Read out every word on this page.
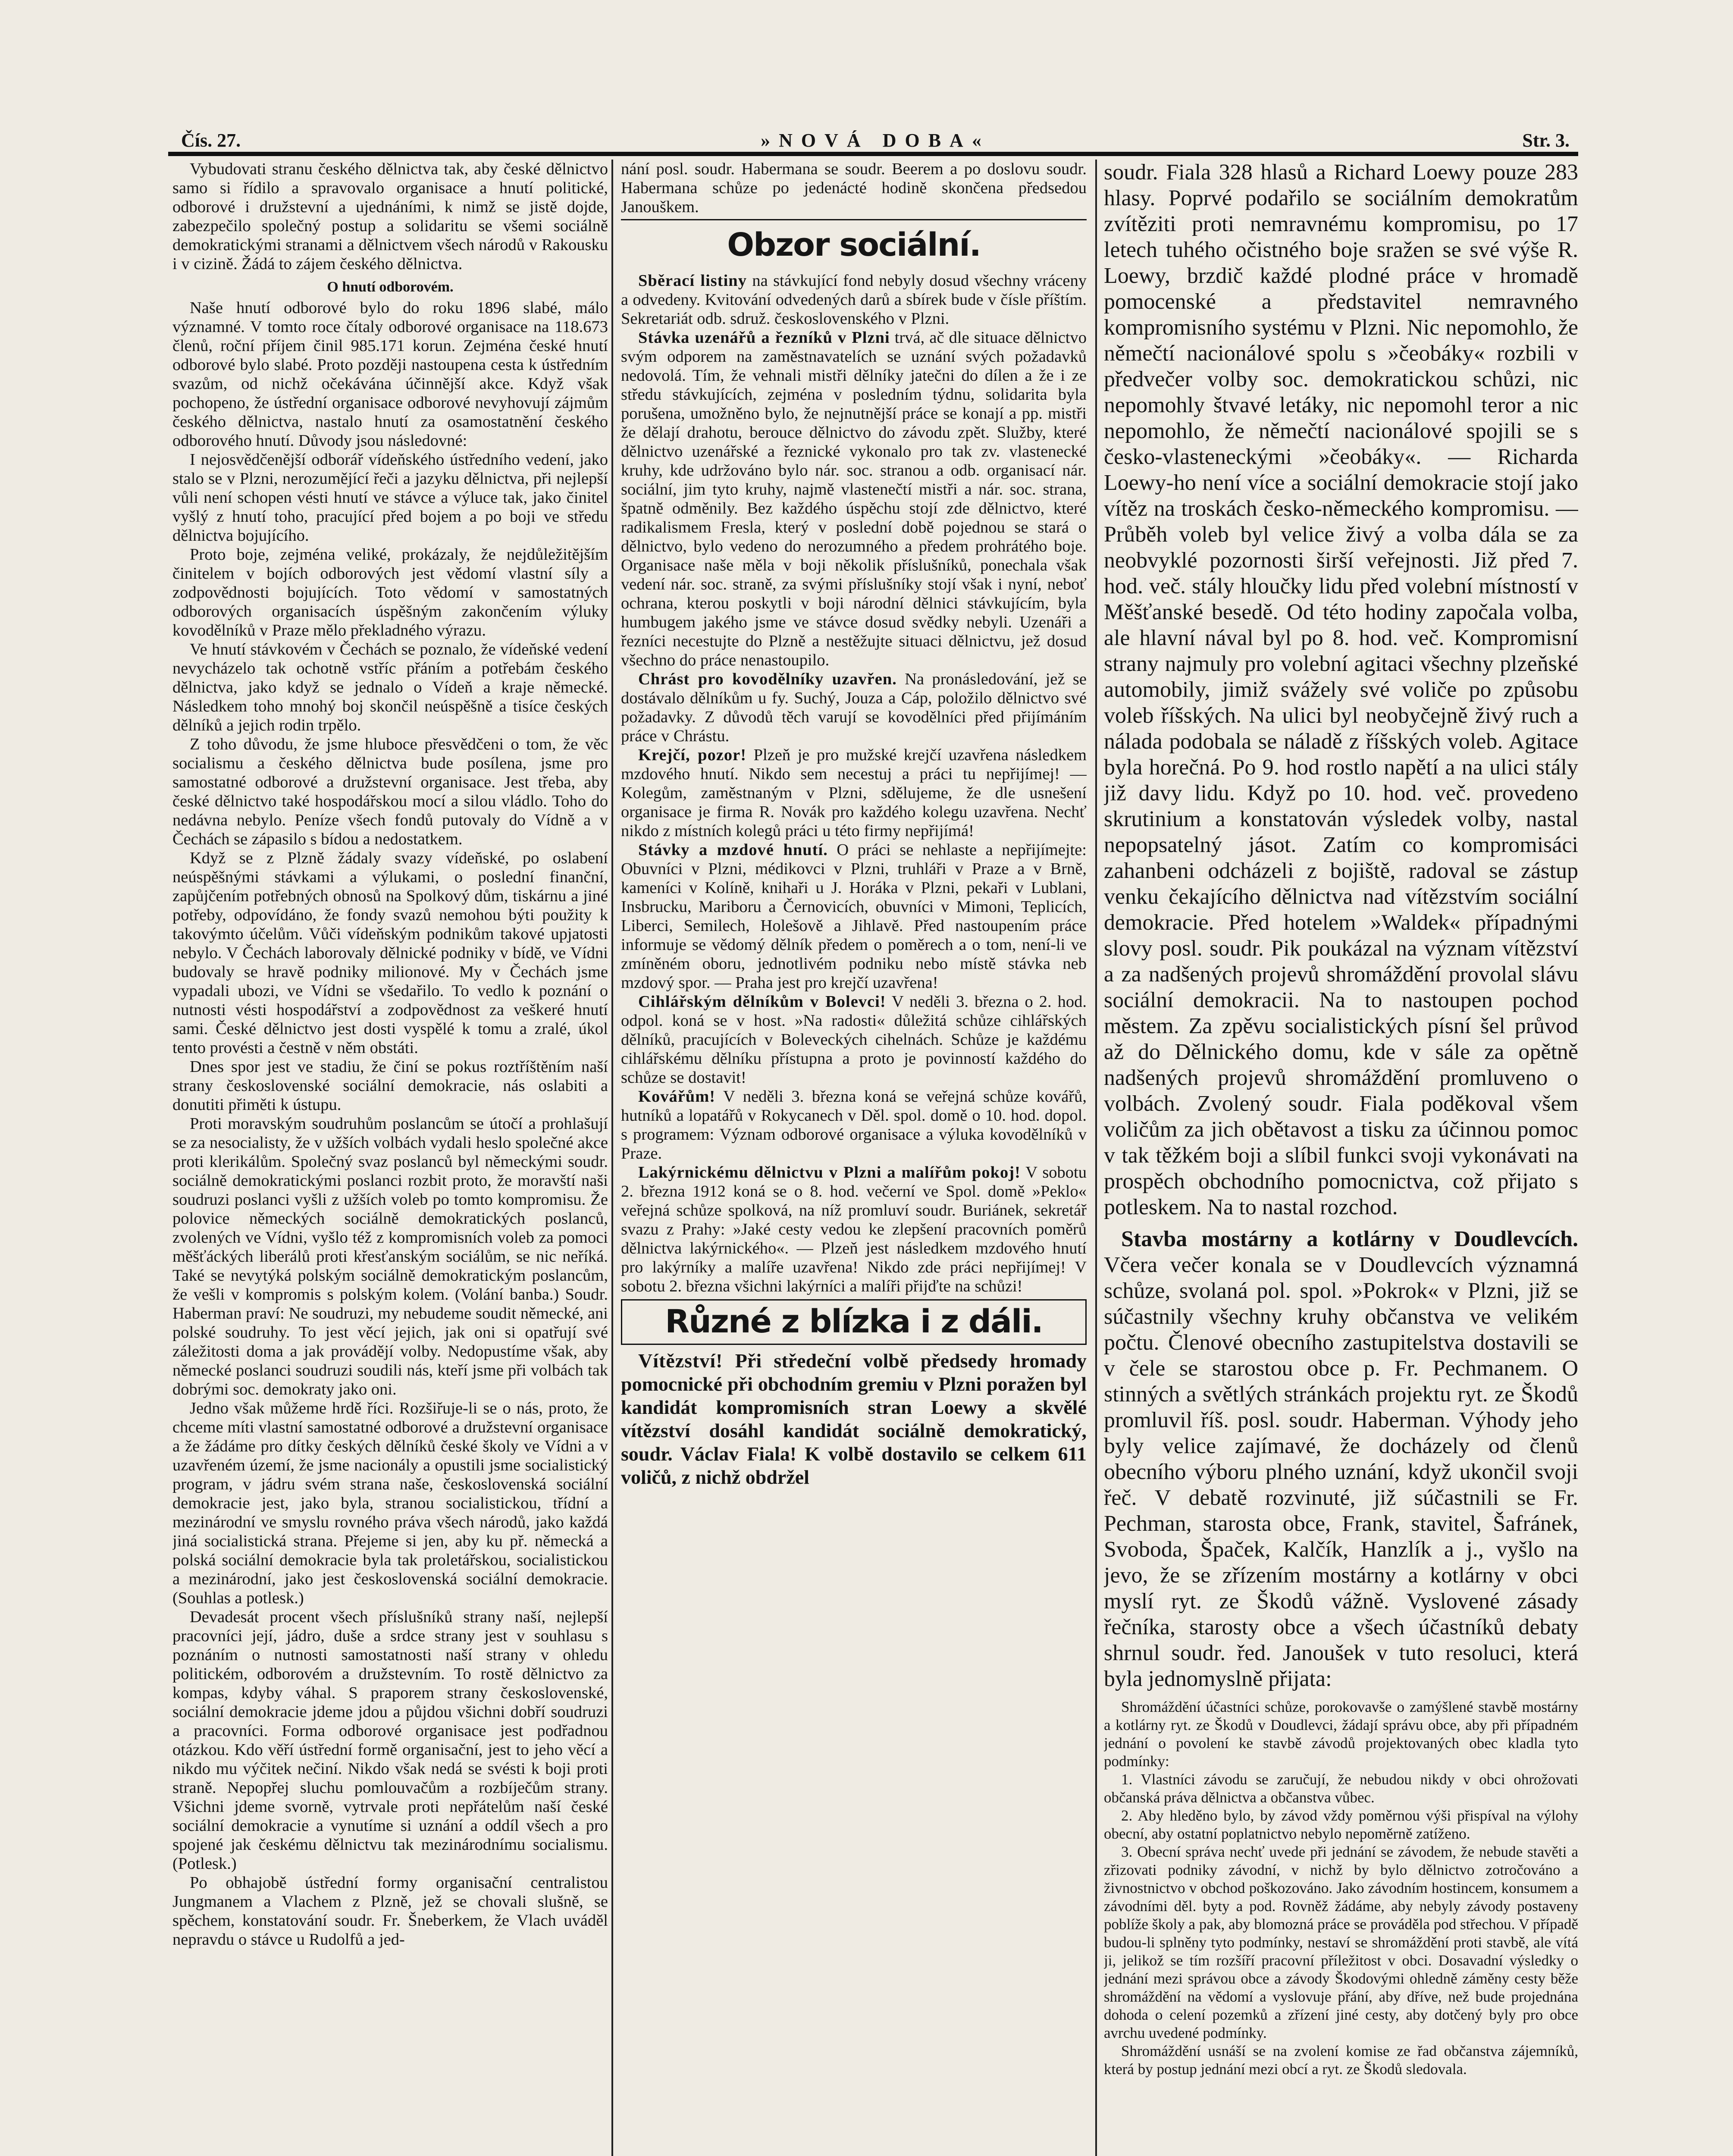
Čís. 27.	»NOVÁ DOBA«	Str. 3.

Vybudovati stranu českého dělnictva tak, aby české dělnictvo samo si řídilo a spravovalo organisace a hnutí politické, odborové i družstevní a ujednáními, k nimž se jistě dojde, zabezpečilo společný postup a solidaritu se všemi sociálně demokratickými stranami a dělnictvem všech národů v Rakousku i v cizině. Žádá to zájem českého dělnictva.

O hnutí odborovém.

Naše hnutí odborové bylo do roku 1896 slabé, málo významné. V tomto roce čítaly odborové organisace na 118.673 členů, roční příjem činil 985.171 korun. Zejména české hnutí odborové bylo slabé. Proto později nastoupena cesta k ústředním svazům, od nichž očekávána účinnější akce. Když však pochopeno, že ústřední organisace odborové nevyhovují zájmům českého dělnictva, nastalo hnutí za osamostatnění českého odborového hnutí. Důvody jsou následovné:

I nejosvědčenější odborář vídeňského ústředního vedení, jako stalo se v Plzni, nerozumějící řeči a jazyku dělnictva, při nejlepší vůli není schopen vésti hnutí ve stávce a výluce tak, jako činitel vyšlý z hnutí toho, pracující před bojem a po boji ve středu dělnictva bojujícího.

Proto boje, zejména veliké, prokázaly, že nejdůležitějším činitelem v bojích odborových jest vědomí vlastní síly a zodpovědnosti bojujících. Toto vědomí v samostatných odborových organisacích úspěšným zakončením výluky kovodělníků v Praze mělo překladného výrazu.

Ve hnutí stávkovém v Čechách se poznalo, že vídeňské vedení nevycházelo tak ochotně vstříc přáním a potřebám českého dělnictva, jako když se jednalo o Vídeň a kraje německé. Následkem toho mnohý boj skončil neúspěšně a tisíce českých dělníků a jejich rodin trpělo.

Z toho důvodu, že jsme hluboce přesvědčeni o tom, že věc socialismu a českého dělnictva bude posílena, jsme pro samostatné odborové a družstevní organisace. Jest třeba, aby české dělnictvo také hospodářskou mocí a silou vládlo. Toho do nedávna nebylo. Peníze všech fondů putovaly do Vídně a v Čechách se zápasilo s bídou a nedostatkem.

Když se z Plzně žádaly svazy vídeňské, po oslabení neúspěšnými stávkami a výlukami, o poslední finanční, zapůjčením potřebných obnosů na Spolkový dům, tiskárnu a jiné potřeby, odpovídáno, že fondy svazů nemohou býti použity k takovýmto účelům. Vůči vídeňským podnikům takové upjatosti nebylo. V Čechách laborovaly dělnické podniky v bídě, ve Vídni budovaly se hravě podniky milionové. My v Čechách jsme vypadali ubozi, ve Vídni se všedařilo. To vedlo k poznání o nutnosti vésti hospodářství a zodpovědnost za veškeré hnutí sami. České dělnictvo jest dosti vyspělé k tomu a zralé, úkol tento provésti a čestně v něm obstáti.

Dnes spor jest ve stadiu, že činí se pokus roztříštěním naší strany československé sociální demokracie, nás oslabiti a donutiti přiměti k ústupu.

Proti moravským soudruhům poslancům se útočí a prohlašují se za nesocialisty, že v užších volbách vydali heslo společné akce proti klerikálům. Společný svaz poslanců byl německými soudr. sociálně demokratickými poslanci rozbit proto, že moravští naši soudruzi poslanci vyšli z užších voleb po tomto kompromisu. Že polovice německých sociálně demokratických poslanců, zvolených ve Vídni, vyšlo též z kompromisních voleb za pomoci měšťáckých liberálů proti křesťanským sociálům, se nic neříká. Také se nevytýká polským sociálně demokratickým poslancům, že vešli v kompromis s polským kolem. (Volání banba.) Soudr. Haberman praví: Ne soudruzi, my nebudeme soudit německé, ani polské soudruhy. To jest věcí jejich, jak oni si opatřují své záležitosti doma a jak provádějí volby. Nedopustíme však, aby německé poslanci soudruzi soudili nás, kteří jsme při volbách tak dobrými soc. demokraty jako oni.

Jedno však můžeme hrdě říci. Rozšiřuje-li se o nás, proto, že chceme míti vlastní samostatné odborové a družstevní organisace a že žádáme pro dítky českých dělníků české školy ve Vídni a v uzavřeném území, že jsme nacionály a opustili jsme socialistický program, v jádru svém strana naše, československá sociální demokracie jest, jako byla, stranou socialistickou, třídní a mezinárodní ve smyslu rovného práva všech národů, jako každá jiná socialistická strana. Přejeme si jen, aby ku př. německá a polská sociální demokracie byla tak proletářskou, socialistickou a mezinárodní, jako jest československá sociální demokracie. (Souhlas a potlesk.)

Devadesát procent všech příslušníků strany naší, nejlepší pracovníci její, jádro, duše a srdce strany jest v souhlasu s poznáním o nutnosti samostatnosti naší strany v ohledu politickém, odborovém a družstevním. To rostě dělnictvo za kompas, kdyby váhal. S praporem strany československé, sociální demokracie jdeme jdou a půjdou všichni dobří soudruzi a pracovníci. Forma odborové organisace jest podřadnou otázkou. Kdo věří ústřední formě organisační, jest to jeho věcí a nikdo mu výčitek nečiní. Nikdo však nedá se svésti k boji proti straně. Nepopřej sluchu pomlouvačům a rozbíječům strany. Všichni jdeme svorně, vytrvale proti nepřátelům naší české sociální demokracie a vynutíme si uznání a oddíl všech a pro spojené jak českému dělnictvu tak mezinárodnímu socialismu. (Potlesk.)

Po obhajobě ústřední formy organisační centralistou Jungmanem a Vlachem z Plzně, jež se chovali slušně, se spěchem, konstatování soudr. Fr. Šneberkem, že Vlach uváděl nepravdu o stávce u Rudolfů a jed-

nání posl. soudr. Habermana se soudr. Beerem a po doslovu soudr. Habermana schůze po jedenácté hodině skončena předsedou Janouškem.

Obzor sociální.

Sběrací listiny na stávkující fond nebyly dosud všechny vráceny a odvedeny. Kvitování odvedených darů a sbírek bude v čísle příštím. Sekretariát odb. sdruž. československého v Plzni.

Stávka uzenářů a řezníků v Plzni trvá, ač dle situace dělnictvo svým odporem na zaměstnavatelích se uznání svých požadavků nedovolá. Tím, že vehnali mistři dělníky jatečni do dílen a že i ze středu stávkujících, zejména v posledním týdnu, solidarita byla porušena, umožněno bylo, že nejnutnější práce se konají a pp. mistři že dělají drahotu, berouce dělnictvo do závodu zpět. Služby, které dělnictvo uzenářské a řeznické vykonalo pro tak zv. vlastenecké kruhy, kde udržováno bylo nár. soc. stranou a odb. organisací nár. sociální, jim tyto kruhy, najmě vlastenečtí mistři a nár. soc. strana, špatně odměnily. Bez každého úspěchu stojí zde dělnictvo, které radikalismem Fresla, který v poslední době pojednou se stará o dělnictvo, bylo vedeno do nerozumného a předem prohrátého boje. Organisace naše měla v boji několik příslušníků, ponechala však vedení nár. soc. straně, za svými příslušníky stojí však i nyní, neboť ochrana, kterou poskytli v boji národní dělnici stávkujícím, byla humbugem jakého jsme ve stávce dosud svědky nebyli. Uzenáři a řezníci necestujte do Plzně a nestěžujte situaci dělnictvu, jež dosud všechno do práce nenastoupilo.

Chrást pro kovodělníky uzavřen. Na pronásledování, jež se dostávalo dělníkům u fy. Suchý, Jouza a Cáp, položilo dělnictvo své požadavky. Z důvodů těch varují se kovodělníci před přijímáním práce v Chrástu.

Krejčí, pozor! Plzeň je pro mužské krejčí uzavřena následkem mzdového hnutí. Nikdo sem necestuj a práci tu nepřijímej! — Kolegům, zaměstnaným v Plzni, sdělujeme, že dle usnešení organisace je firma R. Novák pro každého kolegu uzavřena. Nechť nikdo z místních kolegů práci u této firmy nepřijímá!

Stávky a mzdové hnutí. O práci se nehlaste a nepřijímejte: Obuvníci v Plzni, médikovci v Plzni, truhláři v Praze a v Brně, kameníci v Kolíně, knihaři u J. Horáka v Plzni, pekaři v Lublani, Insbrucku, Mariboru a Černovicích, obuvníci v Mimoni, Teplicích, Liberci, Semilech, Holešově a Jihlavě. Před nastoupením práce informuje se vědomý dělník předem o poměrech a o tom, není-li ve zmíněném oboru, jednotlivém podniku nebo místě stávka neb mzdový spor. — Praha jest pro krejčí uzavřena!

Cihlářským dělníkům v Bolevci! V neděli 3. března o 2. hod. odpol. koná se v host. »Na radosti« důležitá schůze cihlářských dělníků, pracujících v Boleveckých cihelnách. Schůze je každému cihlářskému dělníku přístupna a proto je povinností každého do schůze se dostavit!

Kovářům! V neděli 3. března koná se veřejná schůze kovářů, hutníků a lopatářů v Rokycanech v Děl. spol. domě o 10. hod. dopol. s programem: Význam odborové organisace a výluka kovodělníků v Praze.

Lakýrnickému dělnictvu v Plzni a malířům pokoj! V sobotu 2. března 1912 koná se o 8. hod. večerní ve Spol. domě »Peklo« veřejná schůze spolková, na níž promluví soudr. Buriánek, sekretář svazu z Prahy: »Jaké cesty vedou ke zlepšení pracovních poměrů dělnictva lakýrnického«. — Plzeň jest následkem mzdového hnutí pro lakýrníky a malíře uzavřena! Nikdo zde práci nepřijímej! V sobotu 2. března všichni lakýrníci a malíři přijďte na schůzi!

Různé z blízka i z dáli.

Vítězství! Při středeční volbě předsedy hromady pomocnické při obchodním gremiu v Plzni poražen byl kandidát kompromisních stran Loewy a skvělé vítězství dosáhl kandidát sociálně demokratický, soudr. Václav Fiala! K volbě dostavilo se celkem 611 voličů, z nichž obdržel

soudr. Fiala 328 hlasů a Richard Loewy pouze 283 hlasy. Poprvé podařilo se sociálním demokratům zvítěziti proti nemravnému kompromisu, po 17 letech tuhého očistného boje sražen se své výše R. Loewy, brzdič každé plodné práce v hromadě pomocenské a představitel nemravného kompromisního systému v Plzni. Nic nepomohlo, že němečtí nacionálové spolu s »čeobáky« rozbili v předvečer volby soc. demokratickou schůzi, nic nepomohly štvavé letáky, nic nepomohl teror a nic nepomohlo, že němečtí nacionálové spojili se s česko-vlasteneckými »čeobáky«. — Richarda Loewy-ho není více a sociální demokracie stojí jako vítěz na troskách česko-německého kompromisu. — Průběh voleb byl velice živý a volba dála se za neobvyklé pozornosti širší veřejnosti. Již před 7. hod. več. stály hloučky lidu před volební místností v Měšťanské besedě. Od této hodiny započala volba, ale hlavní nával byl po 8. hod. več. Kompromisní strany najmuly pro volební agitaci všechny plzeňské automobily, jimiž svážely své voliče po způsobu voleb říšských. Na ulici byl neobyčejně živý ruch a nálada podobala se náladě z říšských voleb. Agitace byla horečná. Po 9. hod rostlo napětí a na ulici stály již davy lidu. Když po 10. hod. več. provedeno skrutinium a konstatován výsledek volby, nastal nepopsatelný jásot. Zatím co kompromisáci zahanbeni odcházeli z bojiště, radoval se zástup venku čekajícího dělnictva nad vítězstvím sociální demokracie. Před hotelem »Waldek« případnými slovy posl. soudr. Pik poukázal na význam vítězství a za nadšených projevů shromáždění provolal slávu sociální demokracii. Na to nastoupen pochod městem. Za zpěvu socialistických písní šel průvod až do Dělnického domu, kde v sále za opětně nadšených projevů shromáždění promluveno o volbách. Zvolený soudr. Fiala poděkoval všem voličům za jich obětavost a tisku za účinnou pomoc v tak těžkém boji a slíbil funkci svoji vykonávati na prospěch obchodního pomocnictva, což přijato s potleskem. Na to nastal rozchod.

Stavba mostárny a kotlárny v Doudlevcích. Včera večer konala se v Doudlevcích významná schůze, svolaná pol. spol. »Pokrok« v Plzni, již se súčastnily všechny kruhy občanstva ve velikém počtu. Členové obecního zastupitelstva dostavili se v čele se starostou obce p. Fr. Pechmanem. O stinných a světlých stránkách projektu ryt. ze Škodů promluvil říš. posl. soudr. Haberman. Výhody jeho byly velice zajímavé, že docházely od členů obecního výboru plného uznání, když ukončil svoji řeč. V debatě rozvinuté, již súčastnili se Fr. Pechman, starosta obce, Frank, stavitel, Šafránek, Svoboda, Špaček, Kalčík, Hanzlík a j., vyšlo na jevo, že se zřízením mostárny a kotlárny v obci myslí ryt. ze Škodů vážně. Vyslovené zásady řečníka, starosty obce a všech účastníků debaty shrnul soudr. řed. Janoušek v tuto resoluci, která byla jednomyslně přijata:

Shromáždění účastníci schůze, porokovavše o zamýšlené stavbě mostárny a kotlárny ryt. ze Škodů v Doudlevci, žádají správu obce, aby při případném jednání o povolení ke stavbě závodů projektovaných obec kladla tyto podmínky:

1. Vlastníci závodu se zaručují, že nebudou nikdy v obci ohrožovati občanská práva dělnictva a občanstva vůbec.

2. Aby hleděno bylo, by závod vždy poměrnou výši přispíval na výlohy obecní, aby ostatní poplatnictvo nebylo nepoměrně zatíženo.

3. Obecní správa nechť uvede při jednání se závodem, že nebude stavěti a zřizovati podniky závodní, v nichž by bylo dělnictvo zotročováno a živnostnictvo v obchod poškozováno. Jako závodním hostincem, konsumem a závodními děl. byty a pod. Rovněž žádáme, aby nebyly závody postaveny poblíže školy a pak, aby blomozná práce se prováděla pod střechou. V případě budou-li splněny tyto podmínky, nestaví se shromáždění proti stavbě, ale vítá ji, jelikož se tím rozšíří pracovní příležitost v obci. Dosavadní výsledky o jednání mezi správou obce a závody Škodovými ohledně záměny cesty běže shromáždění na vědomí a vyslovuje přání, aby dříve, než bude projednána dohoda o celení pozemků a zřízení jiné cesty, aby dotčený byly pro obce avrchu uvedené podmínky.

Shromáždění usnáší se na zvolení komise ze řad občanstva zájemníků, která by postup jednání mezi obcí a ryt. ze Škodů sledovala.
